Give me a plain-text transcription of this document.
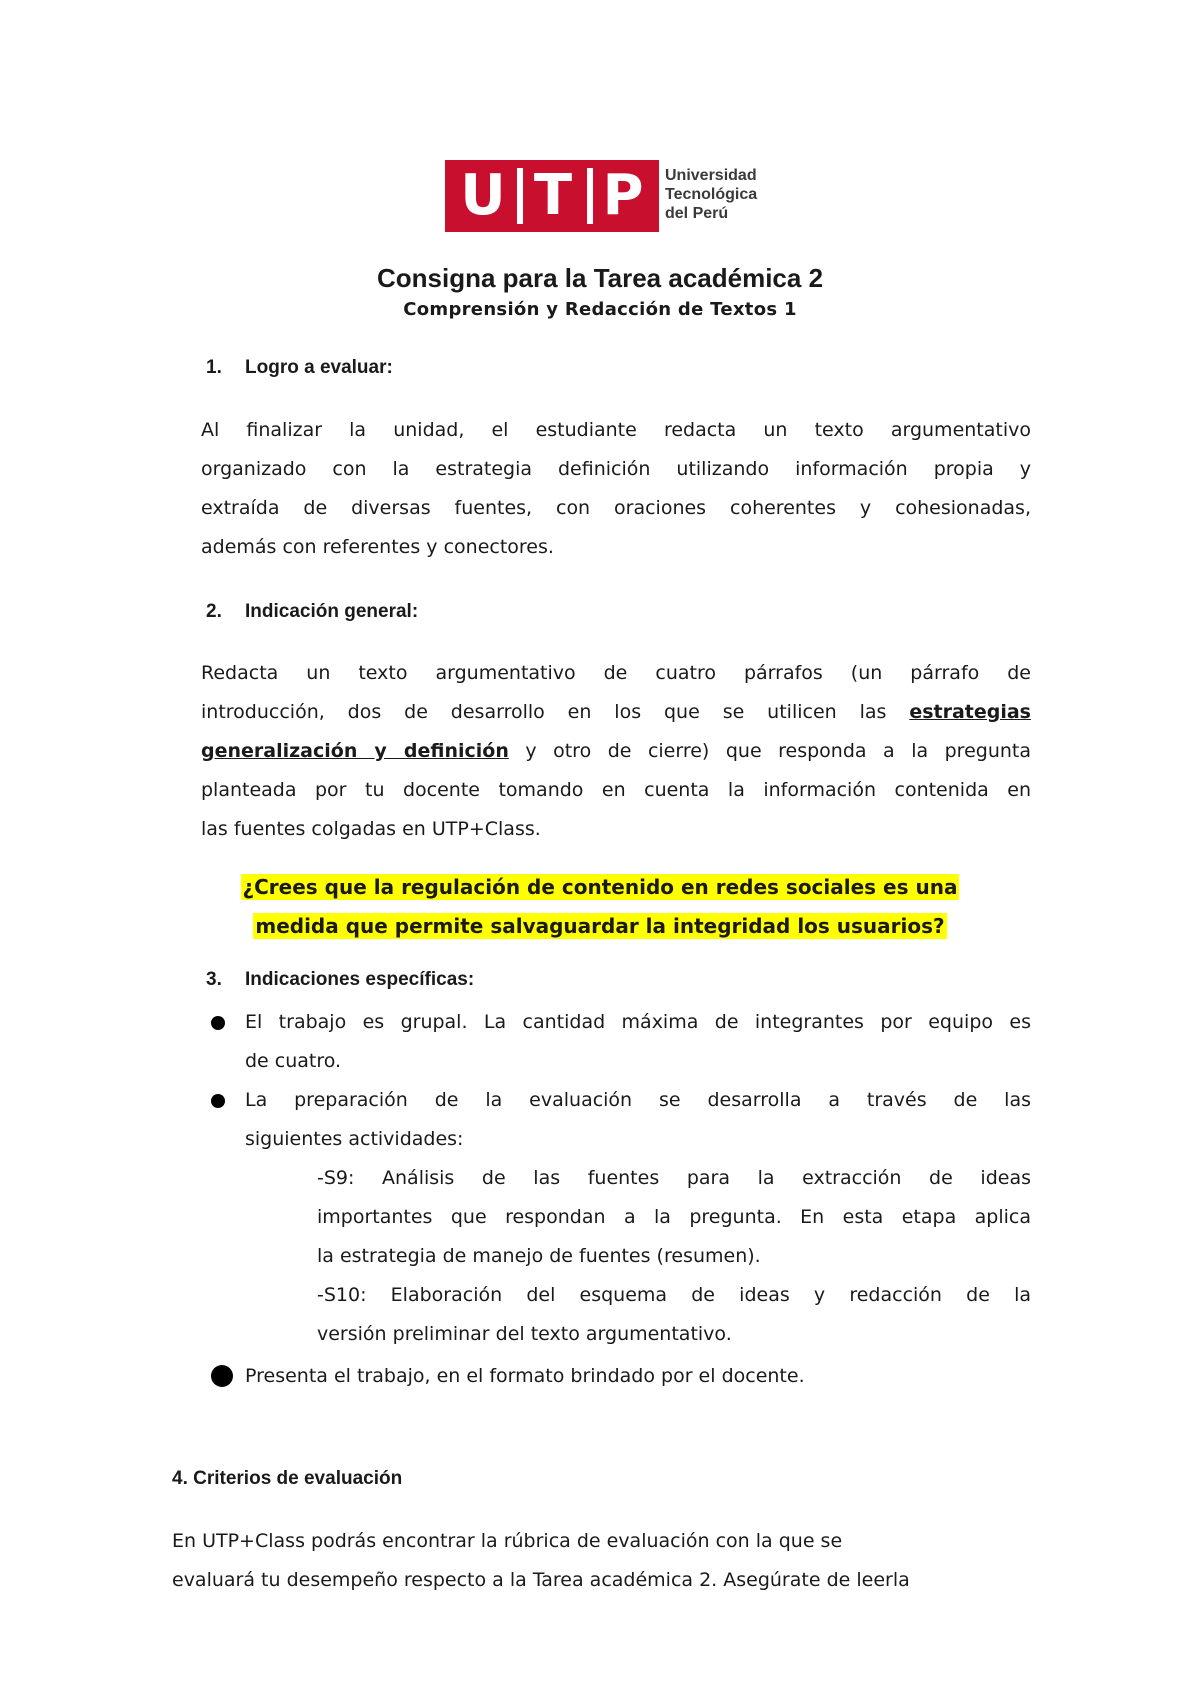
U T P	Universidad
Tecnológica
del Perú
Consigna para la Tarea académica 2
Comprensión y Redacción de Textos 1
1. Logro a evaluar:
Al finalizar la unidad, el estudiante redacta un texto argumentativo
organizado con la estrategia definición utilizando información propia y
extraída de diversas fuentes, con oraciones coherentes y cohesionadas,
además con referentes y conectores.
2. Indicación general:
Redacta un texto argumentativo de cuatro párrafos (un párrafo de
introducción, dos de desarrollo en los que se utilicen las estrategias
generalización y definición y otro de cierre) que responda a la pregunta
planteada por tu docente tomando en cuenta la información contenida en
las fuentes colgadas en UTP+Class.
¿Crees que la regulación de contenido en redes sociales es una
medida que permite salvaguardar la integridad los usuarios?
3. Indicaciones específicas:
El trabajo es grupal. La cantidad máxima de integrantes por equipo es
de cuatro.
La preparación de la evaluación se desarrolla a través de las
siguientes actividades:
-S9: Análisis de las fuentes para la extracción de ideas
importantes que respondan a la pregunta. En esta etapa aplica
la estrategia de manejo de fuentes (resumen).
-S10: Elaboración del esquema de ideas y redacción de la
versión preliminar del texto argumentativo.
Presenta el trabajo, en el formato brindado por el docente.
4. Criterios de evaluación
En UTP+Class podrás encontrar la rúbrica de evaluación con la que se
evaluará tu desempeño respecto a la Tarea académica 2. Asegúrate de leerla
